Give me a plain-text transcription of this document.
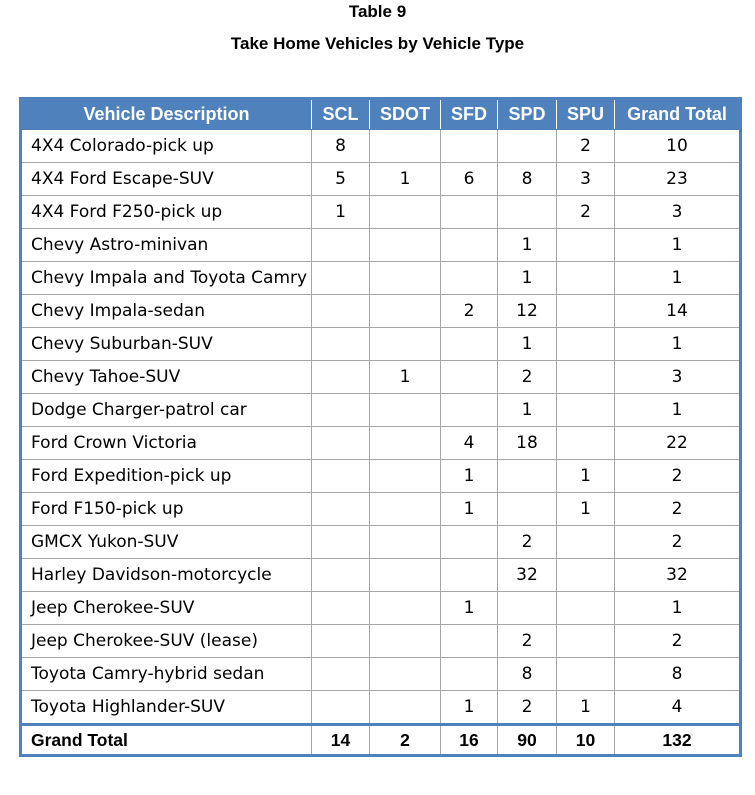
Table 9
Take Home Vehicles by Vehicle Type
Vehicle Description	SCL	SDOT	SFD	SPD	SPU	Grand Total
4X4 Colorado-pick up	8				2	10
4X4 Ford Escape-SUV	5	1	6	8	3	23
4X4 Ford F250-pick up	1				2	3
Chevy Astro-minivan				1		1
Chevy Impala and Toyota Camry				1		1
Chevy Impala-sedan			2	12		14
Chevy Suburban-SUV				1		1
Chevy Tahoe-SUV		1		2		3
Dodge Charger-patrol car				1		1
Ford Crown Victoria			4	18		22
Ford Expedition-pick up			1		1	2
Ford F150-pick up			1		1	2
GMCX Yukon-SUV				2		2
Harley Davidson-motorcycle				32		32
Jeep Cherokee-SUV			1			1
Jeep Cherokee-SUV (lease)				2		2
Toyota Camry-hybrid sedan				8		8
Toyota Highlander-SUV			1	2	1	4
Grand Total	14	2	16	90	10	132
